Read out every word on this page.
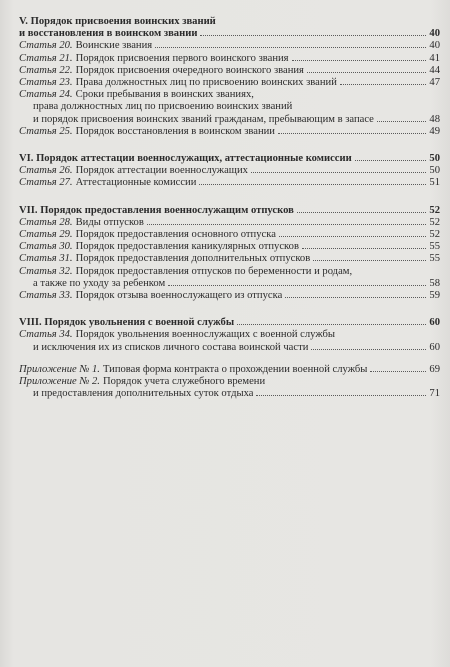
V. Порядок присвоения воинских званий
и восстановления в воинском звании	40
Статья 20. Воинские звания	40
Статья 21. Порядок присвоения первого воинского звания	41
Статья 22. Порядок присвоения очередного воинского звания	44
Статья 23. Права должностных лиц по присвоению воинских званий	47
Статья 24. Сроки пребывания в воинских званиях,
права должностных лиц по присвоению воинских званий
и порядок присвоения воинских званий гражданам, пребывающим в запасе	48
Статья 25. Порядок восстановления в воинском звании	49
VI. Порядок аттестации военнослужащих, аттестационные комиссии	50
Статья 26. Порядок аттестации военнослужащих	50
Статья 27. Аттестационные комиссии	51
VII. Порядок предоставления военнослужащим отпусков	52
Статья 28. Виды отпусков	52
Статья 29. Порядок предоставления основного отпуска	52
Статья 30. Порядок предоставления каникулярных отпусков	55
Статья 31. Порядок предоставления дополнительных отпусков	55
Статья 32. Порядок предоставления отпусков по беременности и родам,
а также по уходу за ребенком	58
Статья 33. Порядок отзыва военнослужащего из отпуска	59
VIII. Порядок увольнения с военной службы	60
Статья 34. Порядок увольнения военнослужащих с военной службы
и исключения их из списков личного состава воинской части	60
Приложение № 1. Типовая форма контракта о прохождении военной службы	69
Приложение № 2. Порядок учета служебного времени
и предоставления дополнительных суток отдыха	71
